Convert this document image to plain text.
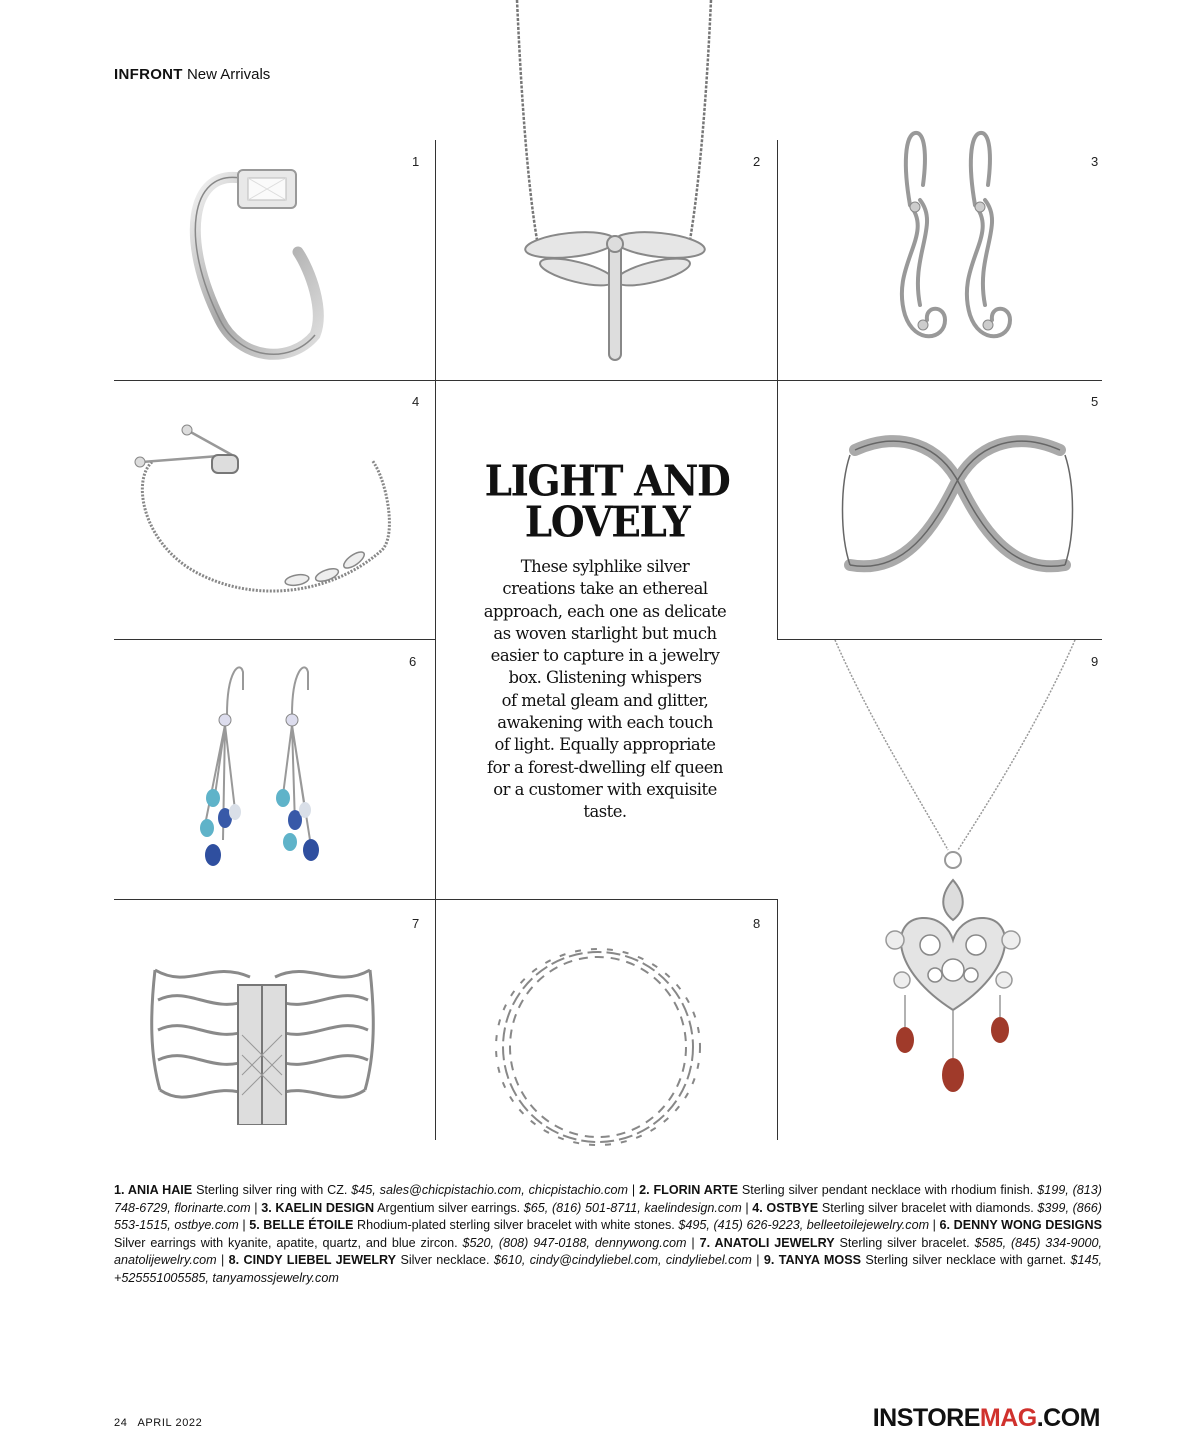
INFRONT New Arrivals
1	2	3
4	5
6	9
7	8
LIGHT AND
LOVELY
These sylphlike silver
creations take an ethereal
approach, each one as delicate
as woven starlight but much
easier to capture in a jewelry
box. Glistening whispers
of metal gleam and glitter,
awakening with each touch
of light. Equally appropriate
for a forest-dwelling elf queen
or a customer with exquisite
taste.
1. ANIA HAIE Sterling silver ring with CZ. $45, sales@chicpistachio.com, chicpistachio.com | 2. FLORIN ARTE Sterling silver pendant necklace with rhodium finish. $199, (813) 748-6729, florinarte.com | 3. KAELIN DESIGN Argentium silver earrings. $65, (816) 501-8711, kaelindesign.com | 4. OSTBYE Sterling silver bracelet with diamonds. $399, (866) 553-1515, ostbye.com | 5. BELLE ÉTOILE Rhodium-plated sterling silver bracelet with white stones. $495, (415) 626-9223, belleetoilejewelry.com | 6. DENNY WONG DESIGNS Silver earrings with kyanite, apatite, quartz, and blue zircon. $520, (808) 947-0188, dennywong.com | 7. ANATOLI JEWELRY Sterling silver bracelet. $585, (845) 334-9000, anatolijewelry.com | 8. CINDY LIEBEL JEWELRY Silver necklace. $610, cindy@cindyliebel.com, cindyliebel.com | 9. TANYA MOSS Sterling silver necklace with garnet. $145, +525551005585, tanyamossjewelry.com
24 APRIL 2022	INSTOREMAG.COM
